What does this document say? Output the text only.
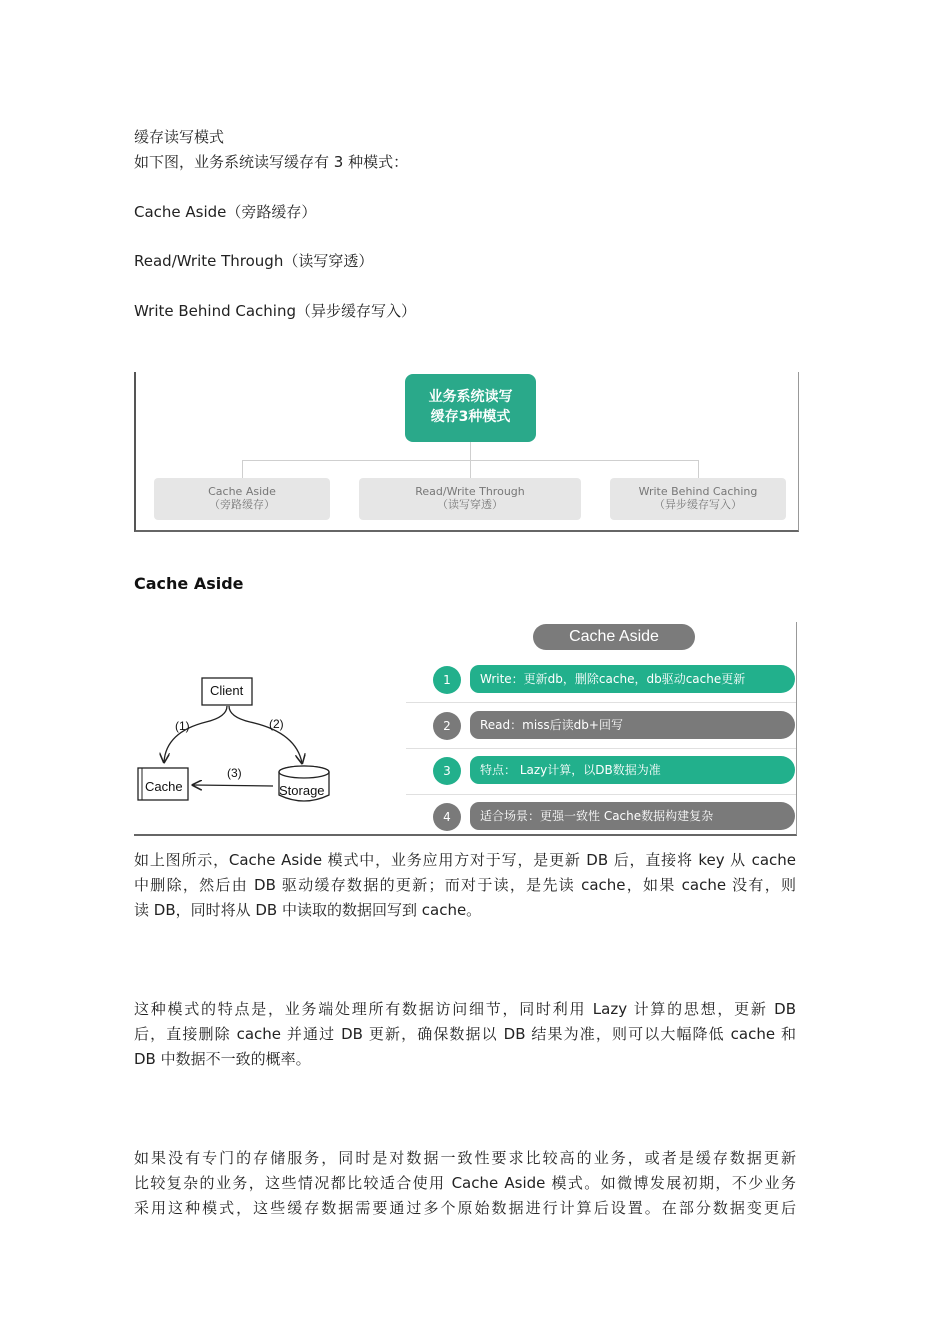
缓存读写模式
如下图，业务系统读写缓存有 3 种模式：
Cache Aside（旁路缓存）
Read/Write Through（读写穿透）
Write Behind Caching（异步缓存写入）
业务系统读写
缓存3种模式
Cache Aside
（旁路缓存）
Read/Write Through
（读写穿透）
Write Behind Caching
（异步缓存写入）
Cache Aside
Client
Cache	Storage
(1)	(2)
(3)
Cache Aside
1	Write：更新db，删除cache，db驱动cache更新
2	Read：miss后读db+回写
3	特点： Lazy计算，以DB数据为准
4	适合场景：更强一致性 Cache数据构建复杂
如上图所示，Cache Aside 模式中，业务应用方对于写，是更新 DB 后，直接将 key 从 cache
中删除，然后由 DB 驱动缓存数据的更新；而对于读，是先读 cache，如果 cache 没有，则
读 DB，同时将从 DB 中读取的数据回写到 cache。
这种模式的特点是，业务端处理所有数据访问细节，同时利用 Lazy 计算的思想，更新 DB
后，直接删除 cache 并通过 DB 更新，确保数据以 DB 结果为准，则可以大幅降低 cache 和
DB 中数据不一致的概率。
如果没有专门的存储服务，同时是对数据一致性要求比较高的业务，或者是缓存数据更新
比较复杂的业务，这些情况都比较适合使用 Cache Aside 模式。如微博发展初期，不少业务
采用这种模式，这些缓存数据需要通过多个原始数据进行计算后设置。在部分数据变更后
